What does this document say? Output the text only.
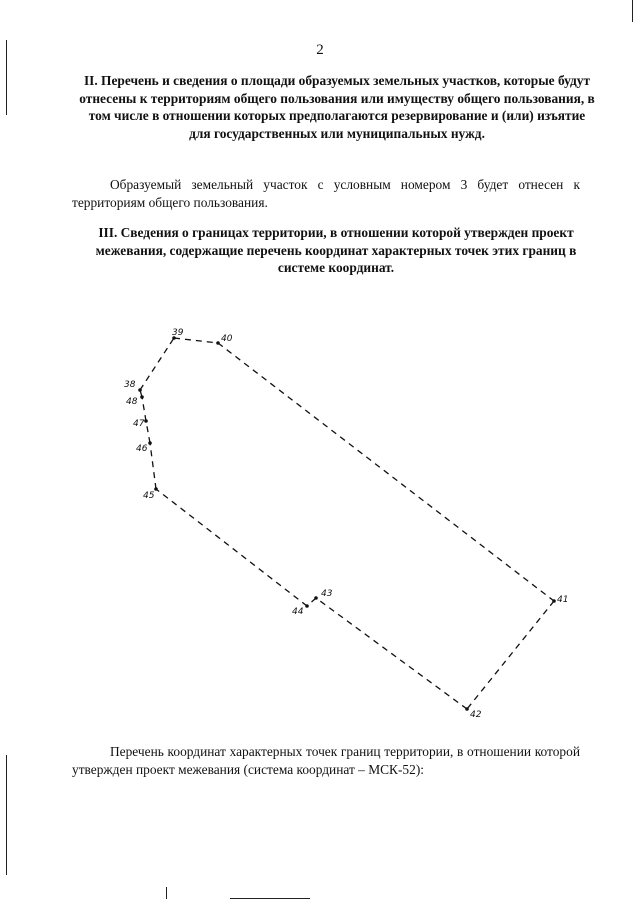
2
II. Перечень и сведения о площади образуемых земельных участков, которые будут отнесены к территориям общего пользования или имуществу общего пользования, в том числе в отношении которых предполагаются резервирование и (или) изъятие для государственных или муниципальных нужд.
Образуемый земельный участок с условным номером 3 будет отнесен к территориям общего пользования.
III. Сведения о границах территории, в отношении которой утвержден проект межевания, содержащие перечень координат характерных точек этих границ в системе координат.
39
40
41
42
43
44
45
46
47
48
38
Перечень координат характерных точек границ территории, в отношении которой утвержден проект межевания (система координат – МСК-52):
